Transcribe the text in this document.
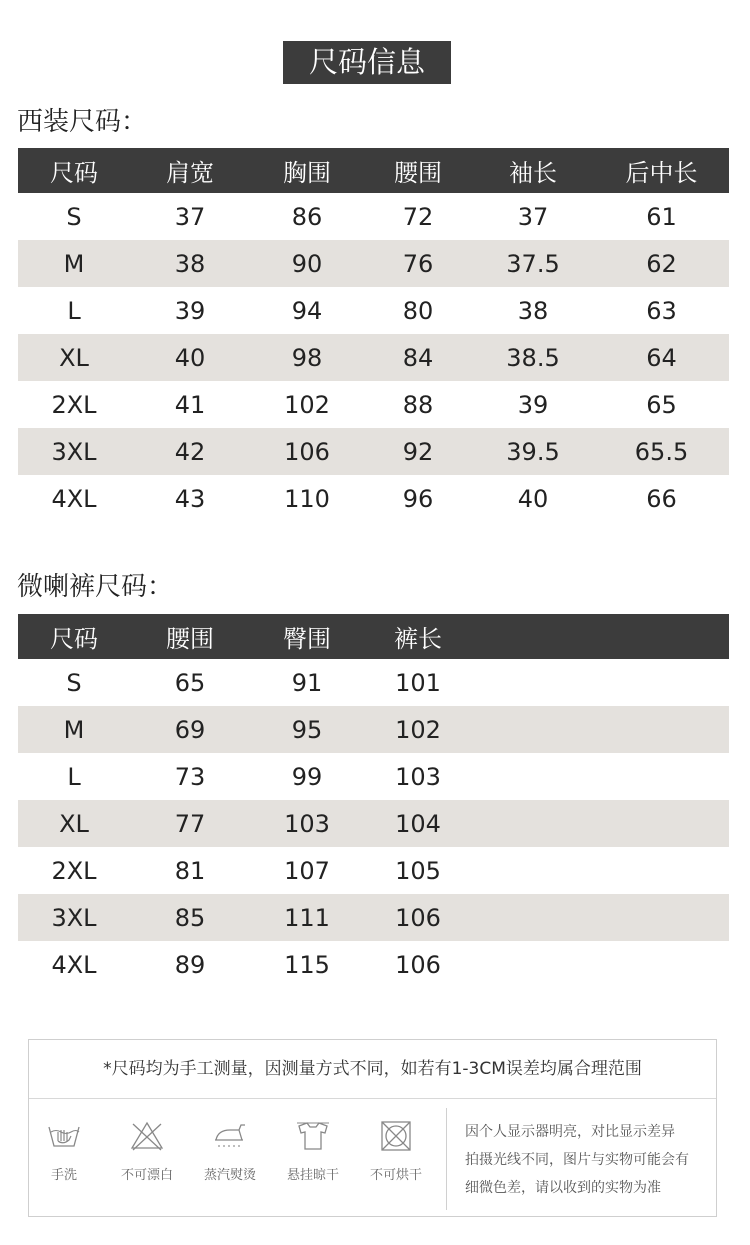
尺码信息
西装尺码：
尺码	肩宽	胸围	腰围	袖长	后中长
S	37	86	72	37	61
M	38	90	76	37.5	62
L	39	94	80	38	63
XL	40	98	84	38.5	64
2XL	41	102	88	39	65
3XL	42	106	92	39.5	65.5
4XL	43	110	96	40	66
微喇裤尺码：
尺码	腰围	臀围	裤长	
S	65	91	101	
M	69	95	102	
L	73	99	103	
XL	77	103	104	
2XL	81	107	105	
3XL	85	111	106	
4XL	89	115	106	
*尺码均为手工测量，因测量方式不同，如若有1-3CM误差均属合理范围
手洗	不可漂白	蒸汽熨烫	悬挂晾干	不可烘干
因个人显示器明亮，对比显示差异
拍摄光线不同，图片与实物可能会有
细微色差，请以收到的实物为准
